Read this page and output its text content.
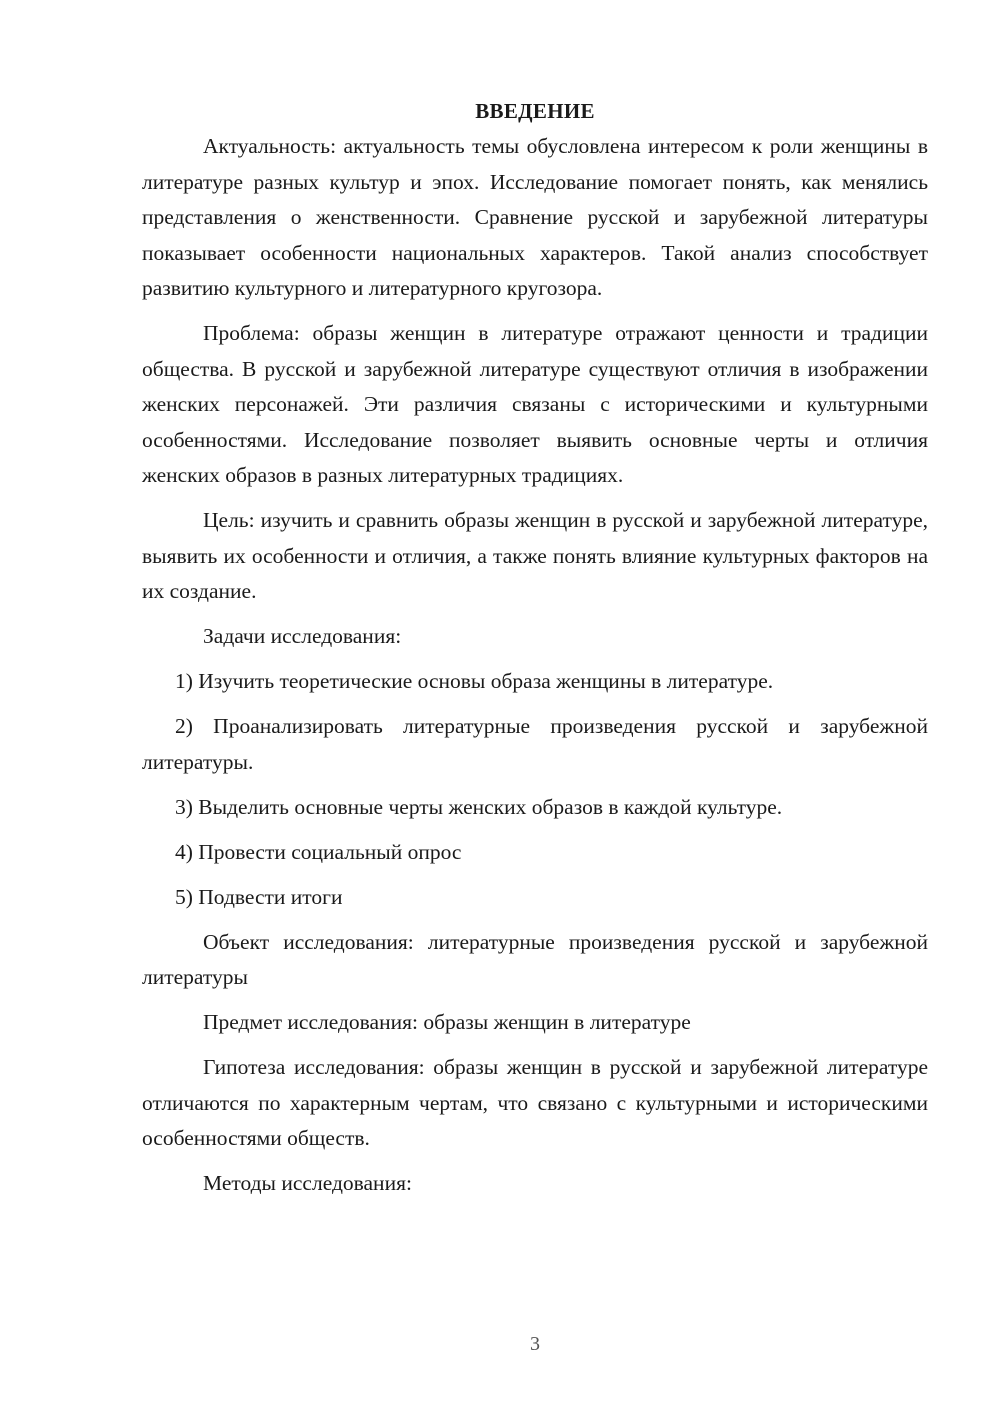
ВВЕДЕНИЕ

Актуальность: актуальность темы обусловлена интересом к роли женщины в литературе разных культур и эпох. Исследование помогает понять, как менялись представления о женственности. Сравнение русской и зарубежной литературы показывает особенности национальных характеров. Такой анализ способствует развитию культурного и литературного кругозора.

Проблема: образы женщин в литературе отражают ценности и традиции общества. В русской и зарубежной литературе существуют отличия в изображении женских персонажей. Эти различия связаны с историческими и культурными особенностями. Исследование позволяет выявить основные черты и отличия женских образов в разных литературных традициях.

Цель: изучить и сравнить образы женщин в русской и зарубежной литературе, выявить их особенности и отличия, а также понять влияние культурных факторов на их создание.

Задачи исследования:

1) Изучить теоретические основы образа женщины в литературе.

2) Проанализировать литературные произведения русской и зарубежной литературы.

3) Выделить основные черты женских образов в каждой культуре.

4) Провести социальный опрос

5) Подвести итоги

Объект исследования: литературные произведения русской и зарубежной литературы

Предмет исследования: образы женщин в литературе

Гипотеза исследования: образы женщин в русской и зарубежной литературе отличаются по характерным чертам, что связано с культурными и историческими особенностями обществ.

Методы исследования:

3
